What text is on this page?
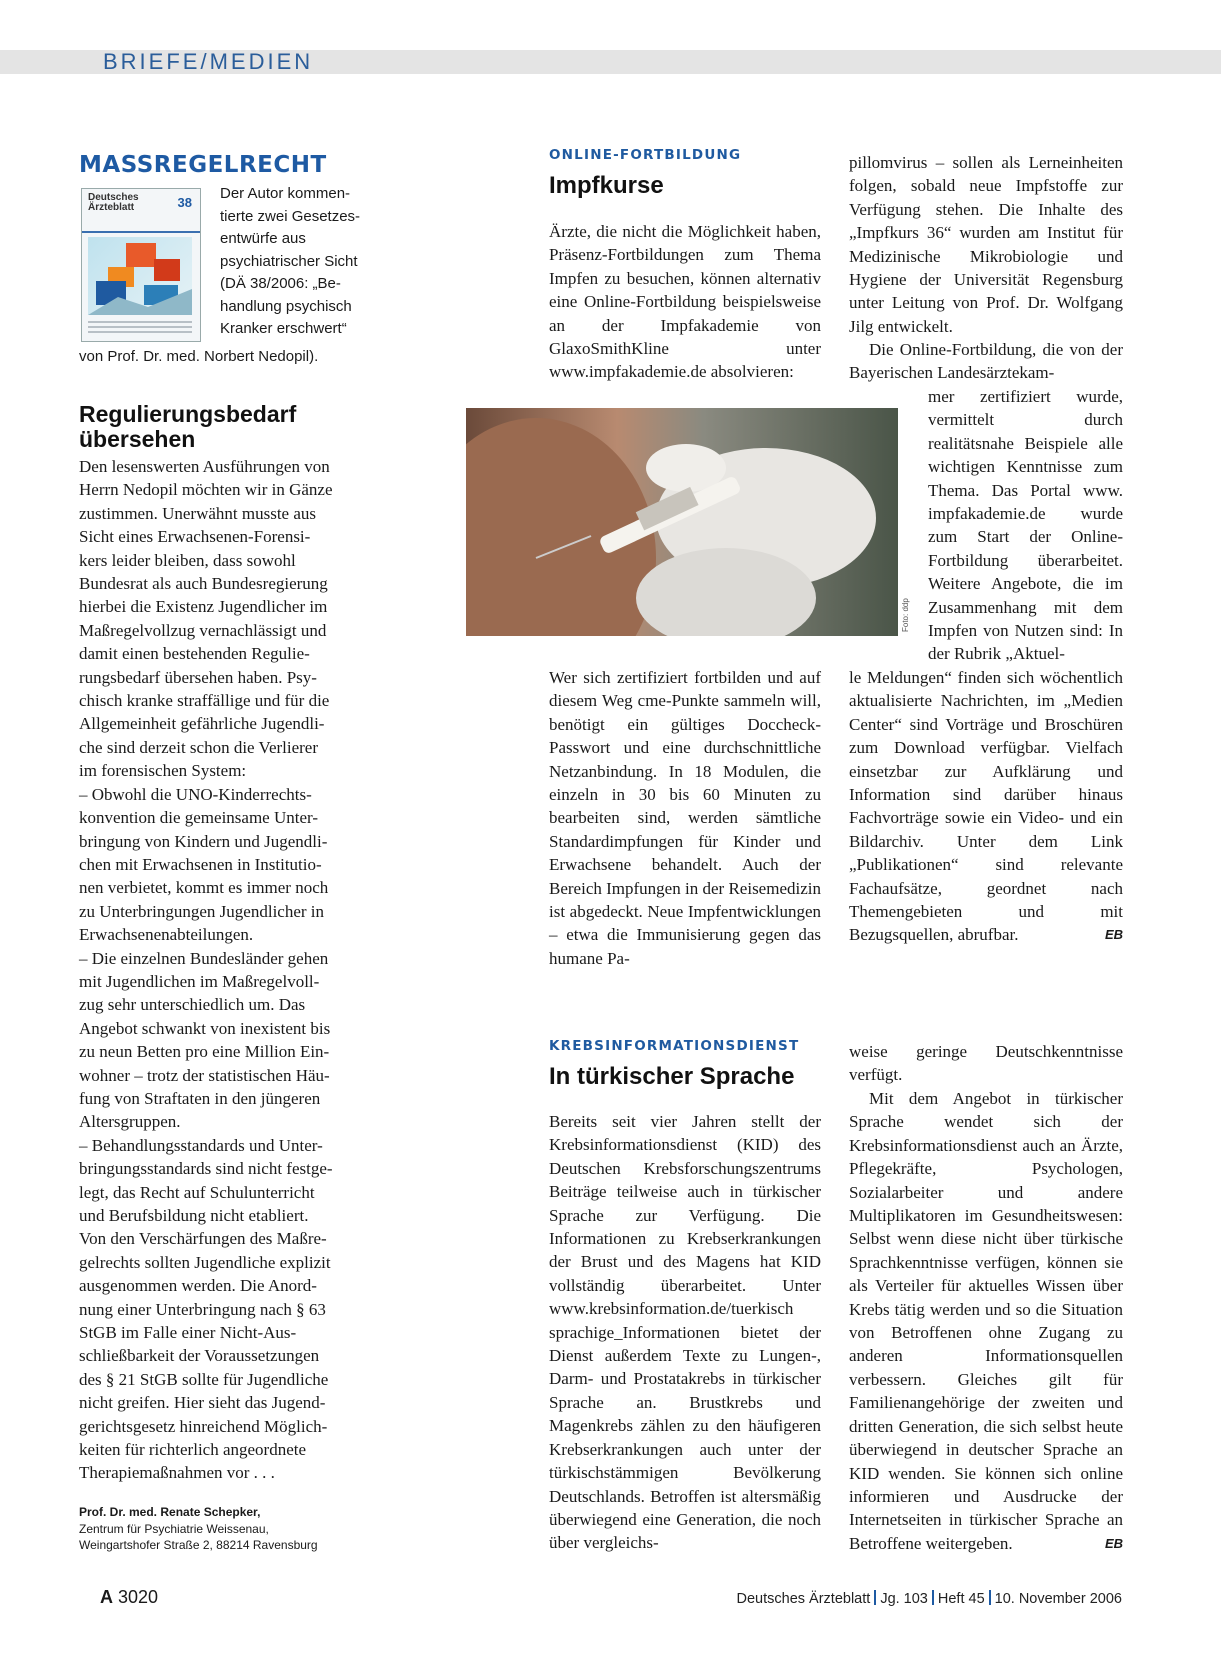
BRIEFE/MEDIEN
MASSREGELRECHT
Deutsches
Ärzteblatt	38
Der Autor kommen-
tierte zwei Gesetzes-
entwürfe aus
psychiatrischer Sicht
(DÄ 38/2006: „Be-
handlung psychisch
Kranker erschwert“
von Prof. Dr. med. Norbert Nedopil).
Regulierungsbedarf
übersehen
Den lesenswerten Ausführungen von
Herrn Nedopil möchten wir in Gänze
zustimmen. Unerwähnt musste aus
Sicht eines Erwachsenen-Forensi-
kers leider bleiben, dass sowohl
Bundesrat als auch Bundesregierung
hierbei die Existenz Jugendlicher im
Maßregelvollzug vernachlässigt und
damit einen bestehenden Regulie-
rungsbedarf übersehen haben. Psy-
chisch kranke straffällige und für die
Allgemeinheit gefährliche Jugendli-
che sind derzeit schon die Verlierer
im forensischen System:
– Obwohl die UNO-Kinderrechts-
konvention die gemeinsame Unter-
bringung von Kindern und Jugendli-
chen mit Erwachsenen in Institutio-
nen verbietet, kommt es immer noch
zu Unterbringungen Jugendlicher in
Erwachsenenabteilungen.
– Die einzelnen Bundesländer gehen
mit Jugendlichen im Maßregelvoll-
zug sehr unterschiedlich um. Das
Angebot schwankt von inexistent bis
zu neun Betten pro eine Million Ein-
wohner – trotz der statistischen Häu-
fung von Straftaten in den jüngeren
Altersgruppen.
– Behandlungsstandards und Unter-
bringungsstandards sind nicht festge-
legt, das Recht auf Schulunterricht
und Berufsbildung nicht etabliert.
Von den Verschärfungen des Maßre-
gelrechts sollten Jugendliche explizit
ausgenommen werden. Die Anord-
nung einer Unterbringung nach § 63
StGB im Falle einer Nicht-Aus-
schließbarkeit der Voraussetzungen
des § 21 StGB sollte für Jugendliche
nicht greifen. Hier sieht das Jugend-
gerichtsgesetz hinreichend Möglich-
keiten für richterlich angeordnete
Therapiemaßnahmen vor . . .
Prof. Dr. med. Renate Schepker,
Zentrum für Psychiatrie Weissenau,
Weingartshofer Straße 2, 88214 Ravensburg
ONLINE-FORTBILDUNG
Impfkurse
Ärzte, die nicht die Möglichkeit haben, Präsenz-Fortbildungen zum Thema Impfen zu besuchen, können alternativ eine Online-Fortbildung beispielsweise an der Impfakademie von GlaxoSmithKline unter www.impfakademie.de absolvieren:
Foto: ddp
Wer sich zertifiziert fortbilden und auf diesem Weg cme-Punkte sammeln will, benötigt ein gültiges Doccheck-Passwort und eine durchschnittliche Netzanbindung. In 18 Modulen, die einzeln in 30 bis 60 Minuten zu bearbeiten sind, werden sämtliche Standardimpfungen für Kinder und Erwachsene behandelt. Auch der Bereich Impfungen in der Reisemedizin ist abgedeckt. Neue Impfentwicklungen – etwa die Immunisierung gegen das humane Pa-
pillomvirus – sollen als Lerneinheiten folgen, sobald neue Impfstoffe zur Verfügung stehen. Die Inhalte des „Impfkurs 36“ wurden am Institut für Medizinische Mikrobiologie und Hygiene der Universität Regensburg unter Leitung von Prof. Dr. Wolfgang Jilg entwickelt.
Die Online-Fortbildung, die von der Bayerischen Landesärztekam-
mer zertifiziert wurde, vermittelt durch realitätsnahe Beispiele alle wichtigen Kenntnisse zum Thema. Das Portal www. impfakademie.de wurde zum Start der Online-Fortbildung überarbeitet. Weitere Angebote, die im Zusammenhang mit dem Impfen von Nutzen sind: In der Rubrik „Aktuel-
le Meldungen“ finden sich wöchentlich aktualisierte Nachrichten, im „Medien Center“ sind Vorträge und Broschüren zum Download verfügbar. Vielfach einsetzbar zur Aufklärung und Information sind darüber hinaus Fachvorträge sowie ein Video- und ein Bildarchiv. Unter dem Link „Publikationen“ sind relevante Fachaufsätze, geordnet nach Themengebieten und mit Bezugsquellen, abrufbar.	EB
KREBSINFORMATIONSDIENST
In türkischer Sprache
Bereits seit vier Jahren stellt der Krebsinformationsdienst (KID) des Deutschen Krebsforschungszentrums Beiträge teilweise auch in türkischer Sprache zur Verfügung. Die Informationen zu Krebserkrankungen der Brust und des Magens hat KID vollständig überarbeitet. Unter www.krebsinformation.de/tuerkisch sprachige_Informationen bietet der Dienst außerdem Texte zu Lungen-, Darm- und Prostatakrebs in türkischer Sprache an. Brustkrebs und Magenkrebs zählen zu den häufigeren Krebserkrankungen auch unter der türkischstämmigen Bevölkerung Deutschlands. Betroffen ist altersmäßig überwiegend eine Generation, die noch über vergleichs-
weise geringe Deutschkenntnisse verfügt.
Mit dem Angebot in türkischer Sprache wendet sich der Krebsinformationsdienst auch an Ärzte, Pflegekräfte, Psychologen, Sozialarbeiter und andere Multiplikatoren im Gesundheitswesen: Selbst wenn diese nicht über türkische Sprachkenntnisse verfügen, können sie als Verteiler für aktuelles Wissen über Krebs tätig werden und so die Situation von Betroffenen ohne Zugang zu anderen Informationsquellen verbessern. Gleiches gilt für Familienangehörige der zweiten und dritten Generation, die sich selbst heute überwiegend in deutscher Sprache an KID wenden. Sie können sich online informieren und Ausdrucke der Internetseiten in türkischer Sprache an Betroffene weitergeben.	EB
A 3020	Deutsches Ärzteblatt Jg. 103 Heft 45 10. November 2006
